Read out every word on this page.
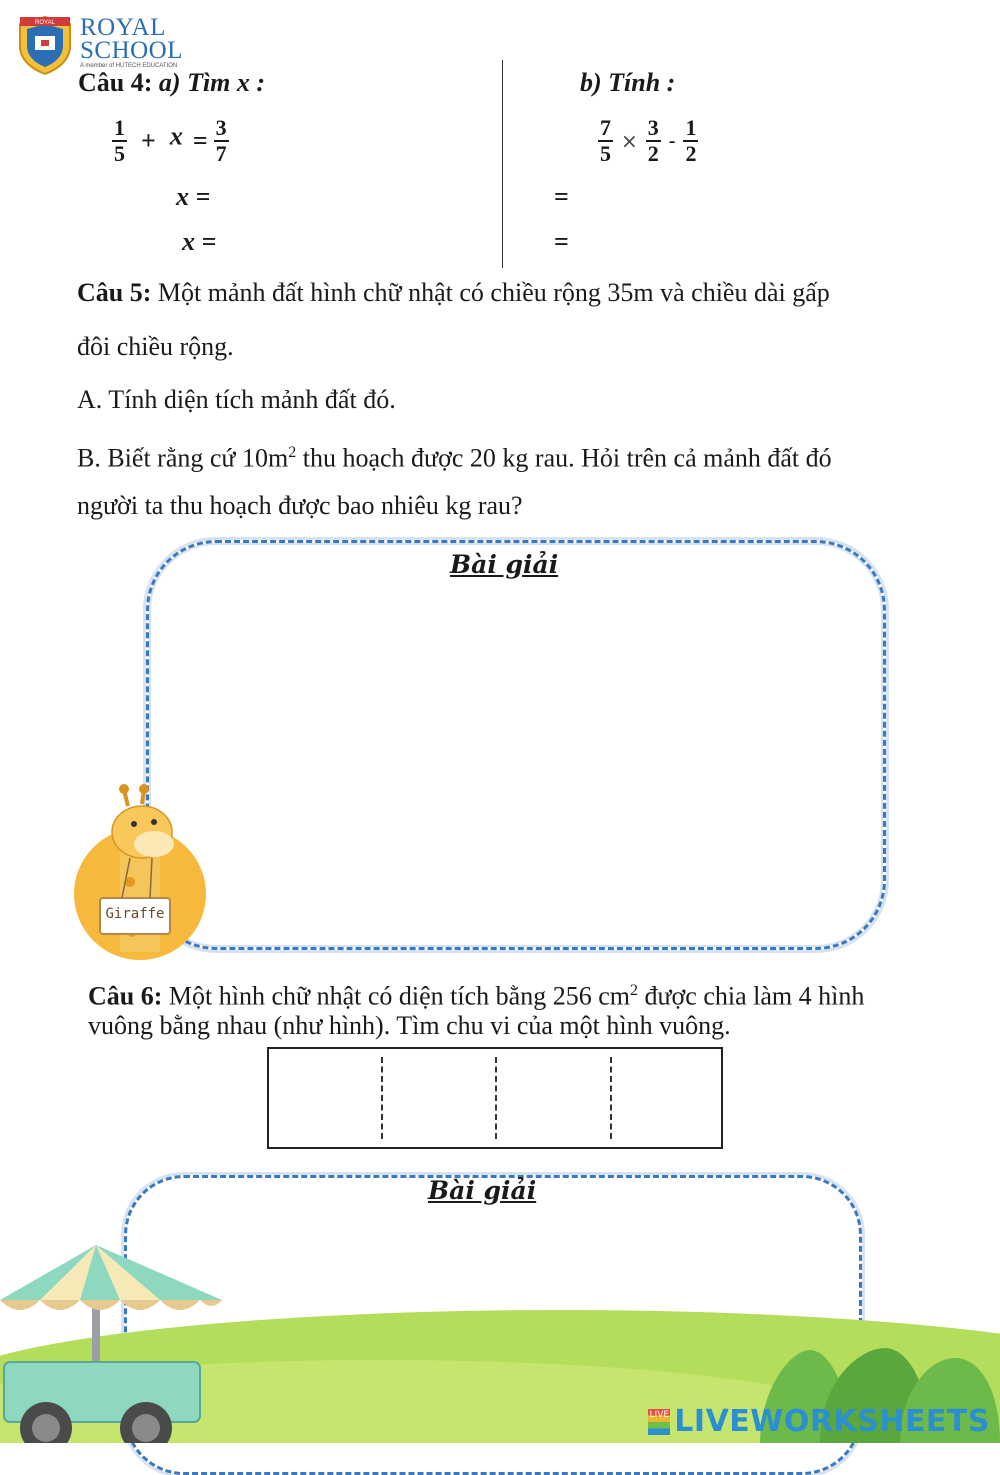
ROYAL ROYAL
SCHOOL
A member of HUTECH EDUCATION
Câu 4: a) Tìm x :	b) Tính :
$\frac{1}{5} + x = \frac{3}{7}$
x =
x =
$\frac{7}{5} \times \frac{3}{2} - \frac{1}{2}$
=
=
Câu 5: Một mảnh đất hình chữ nhật có chiều rộng 35m và chiều dài gấp
đôi chiều rộng.
A. Tính diện tích mảnh đất đó.
B. Biết rằng cứ $10m^2$ thu hoạch được 20 kg rau. Hỏi trên cả mảnh đất đó
người ta thu hoạch được bao nhiêu kg rau?
Bài giải
Giraffe
Câu 6: Một hình chữ nhật có diện tích bằng 256 $cm^2$ được chia làm 4 hình
vuông bằng nhau (như hình). Tìm chu vi của một hình vuông.
Bài giải
LIVE LIVEWORKSHEETS
